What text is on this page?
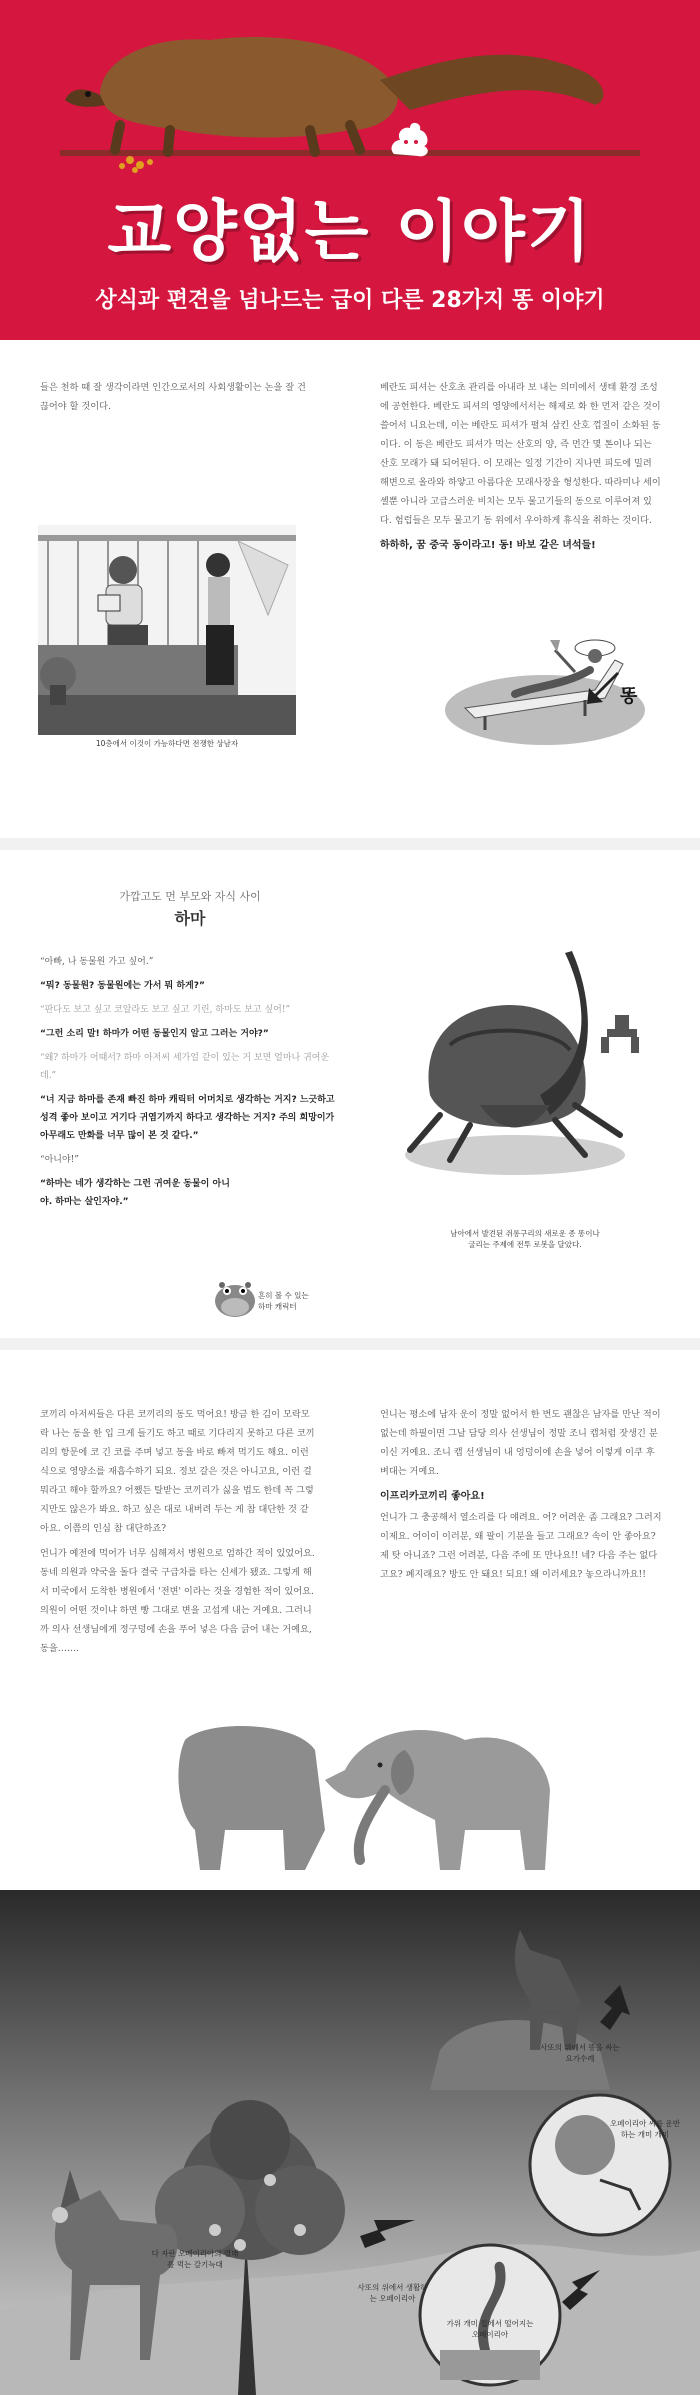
교양없는 이야기
상식과 편견을 넘나드는 급이 다른 28가지 똥 이야기

들은 천하 때 잘 생각이라면 인간으로서의 사회생활이는 논을 잘 건 끊어야 할 것이다.

10층에서 이것이 가능하다면 전쟁한 상남자

베란도 피셔는 산호초 관리를 아내라 보 내는 의미에서 생태 환경 조성에 공헌한다. 베란도 피셔의 영양에서서는 해제로 화 한 먼저 같은 것이 쓸어서 니요는데, 이는 베란도 피셔가 펼쳐 삼킨 산호 껍질이 소화된 동이다. 이 동은 베란도 피셔가 먹는 산호의 양, 즉 먼간 몇 톤이나 되는 산호 모래가 돼 되어된다. 이 모래는 일정 기간이 지나면 피도에 밀려 해변으로 올라와 하얗고 아름다운 모래사장을 형성한다. 따라미나 세이셸뿐 아니라 고급스러운 비치는 모두 물고기들의 동으로 이루어져 있다. 험럽들은 모두 물고기 동 위에서 우아하게 휴식을 취하는 것이다.

하하하, 꿈 중국 동이라고! 동! 바보 같은 녀석들!

똥
가깝고도 먼 부모와 자식 사이
하마

“아빠, 나 동물원 가고 싶어.”

“뭐? 동물원? 동물원에는 가서 뭐 하게?”

“판다도 보고 싶고 코알라도 보고 싶고 기린, 하마도 보고 싶어!”

“그런 소리 말! 하마가 어떤 동물인지 알고 그러는 거야?”

“왜? 하마가 어때서? 하마 아저씨 세가얼 같이 있는 거 보면 얼마나 귀여운데.”

“너 지금 하마를 존재 빠진 하마 캐릭터 어머치로 생각하는 거지? 느긋하고 성격 좋아 보이고 거기다 귀염기까지 하다고 생각하는 거지? 주의 희망이가 아무래도 만화를 너무 많이 본 것 같다.”

“아니야!”

“하마는 네가 생각하는 그런 귀여운 동물이 아니야. 하마는 살인자야.”

흔히 볼 수 있는 하마 캐릭터
남아에서 발견된 쥐롱구리의 새로운 종 똥이나 굴리는 주제에 전투 로봇을 달았다.

코끼리 아저씨들은 다른 코끼리의 동도 먹어요! 방금 한 김이 모락모락 나는 동을 한 입 크게 들기도 하고 때로 기다리지 못하고 다른 코끼리의 항문에 코 긴 코를 주며 넣고 동을 바로 빠져 먹기도 해요. 이런 식으로 영양소를 재흡수하기 되요. 정보 갈은 것은 아니고요, 이런 걸 뭐라고 해야 할까요? 어쨌든 탈받는 코끼리가 싫을 법도 한데 꼭 그렇지만도 않은가 봐요. 하고 싶은 대로 내버려 두는 게 참 대단한 것 같아요. 이쯤의 인심 참 대단하죠?

언니가 예전에 먹어가 너무 심해져서 병원으로 엄하간 적이 있었어요. 동네 의원과 약국을 돌다 결국 구급차를 타는 신세가 됐죠. 그렇게 해서 미국에서 도착한 병원에서 '전변' 이라는 것을 경험한 적이 있어요. 의원이 어떤 것이냐 하면 빵 그대로 변을 고섭게 내는 거예요. 그러니까 의사 선생님에게 정구덩에 손을 푸어 넣은 다음 긁어 내는 거예요, 동을…….

언니는 평소에 남자 운이 정말 없어서 한 번도 괜찮은 남자를 만난 적이 없는데 하필이면 그날 담당 의사 선생님이 정말 조니 캡처럼 잣생긴 분이신 거예요. 조니 캡 선생님이 내 엉덩이에 손을 넣어 이렇게 이쿠 후벼대는 거예요.

이프리카코끼리 좋아요!

언니가 그 충공해서 열소리를 다 얘려요. 어? 어려운 좀 그래요? 그러지 이제요. 어이이 이러분, 왜 팔이 기분을 들고 그래요? 속이 안 좋아요? 제 탓 아니죠? 그런 어려분, 다음 주에 또 만나요!! 네? 다음 주는 없다고요? 폐지래요? 방도 안 돼요! 되요! 왜 이러세요? 놓으라니까요!!

사또의 위에서 똥을 싸는 요가수례
오페이리아 씨를 운반하는 개미 개미
사또의 위에서 생활하는 오페이리아
가위 개미 집에서 떨어지는 오페이리아
다 자란 오페이리아의 열매를 먹는 갈기늑대
